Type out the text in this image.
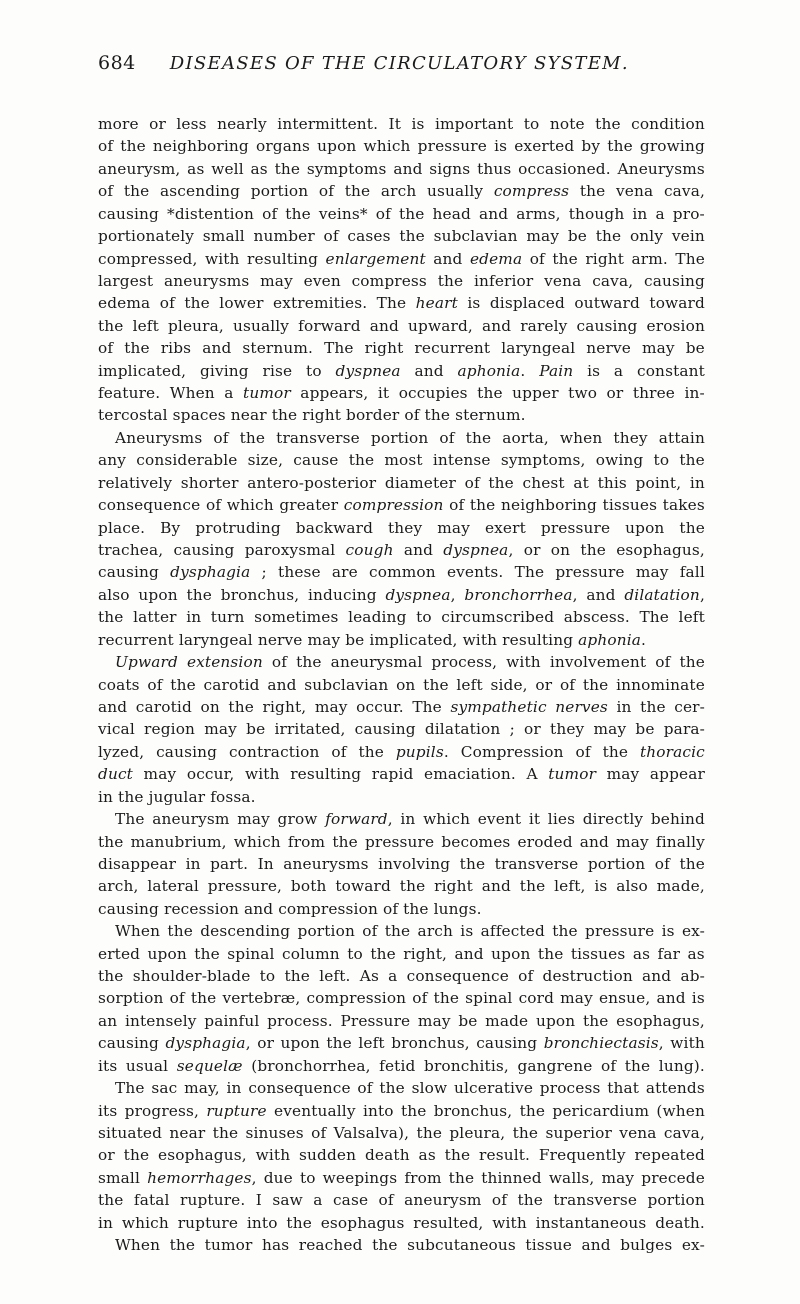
684 DISEASES OF THE CIRCULATORY SYSTEM.
more or less nearly intermittent. It is important to note the condition
of the neighboring organs upon which pressure is exerted by the growing
aneurysm, as well as the symptoms and signs thus occasioned. Aneurysms
of the ascending portion of the arch usually compress the vena cava,
causing *distention of the veins* of the head and arms, though in a pro-
portionately small number of cases the subclavian may be the only vein
compressed, with resulting enlargement and edema of the right arm. The
largest aneurysms may even compress the inferior vena cava, causing
edema of the lower extremities. The heart is displaced outward toward
the left pleura, usually forward and upward, and rarely causing erosion
of the ribs and sternum. The right recurrent laryngeal nerve may be
implicated, giving rise to dyspnea and aphonia. Pain is a constant
feature. When a tumor appears, it occupies the upper two or three in-
tercostal spaces near the right border of the sternum.
Aneurysms of the transverse portion of the aorta, when they attain
any considerable size, cause the most intense symptoms, owing to the
relatively shorter antero-posterior diameter of the chest at this point, in
consequence of which greater compression of the neighboring tissues takes
place. By protruding backward they may exert pressure upon the
trachea, causing paroxysmal cough and dyspnea, or on the esophagus,
causing dysphagia ; these are common events. The pressure may fall
also upon the bronchus, inducing dyspnea, bronchorrhea, and dilatation,
the latter in turn sometimes leading to circumscribed abscess. The left
recurrent laryngeal nerve may be implicated, with resulting aphonia.
Upward extension of the aneurysmal process, with involvement of the
coats of the carotid and subclavian on the left side, or of the innominate
and carotid on the right, may occur. The sympathetic nerves in the cer-
vical region may be irritated, causing dilatation ; or they may be para-
lyzed, causing contraction of the pupils. Compression of the thoracic
duct may occur, with resulting rapid emaciation. A tumor may appear
in the jugular fossa.
The aneurysm may grow forward, in which event it lies directly behind
the manubrium, which from the pressure becomes eroded and may finally
disappear in part. In aneurysms involving the transverse portion of the
arch, lateral pressure, both toward the right and the left, is also made,
causing recession and compression of the lungs.
When the descending portion of the arch is affected the pressure is ex-
erted upon the spinal column to the right, and upon the tissues as far as
the shoulder-blade to the left. As a consequence of destruction and ab-
sorption of the vertebræ, compression of the spinal cord may ensue, and is
an intensely painful process. Pressure may be made upon the esophagus,
causing dysphagia, or upon the left bronchus, causing bronchiectasis, with
its usual sequelæ (bronchorrhea, fetid bronchitis, gangrene of the lung).
The sac may, in consequence of the slow ulcerative process that attends
its progress, rupture eventually into the bronchus, the pericardium (when
situated near the sinuses of Valsalva), the pleura, the superior vena cava,
or the esophagus, with sudden death as the result. Frequently repeated
small hemorrhages, due to weepings from the thinned walls, may precede
the fatal rupture. I saw a case of aneurysm of the transverse portion
in which rupture into the esophagus resulted, with instantaneous death.
When the tumor has reached the subcutaneous tissue and bulges ex-
